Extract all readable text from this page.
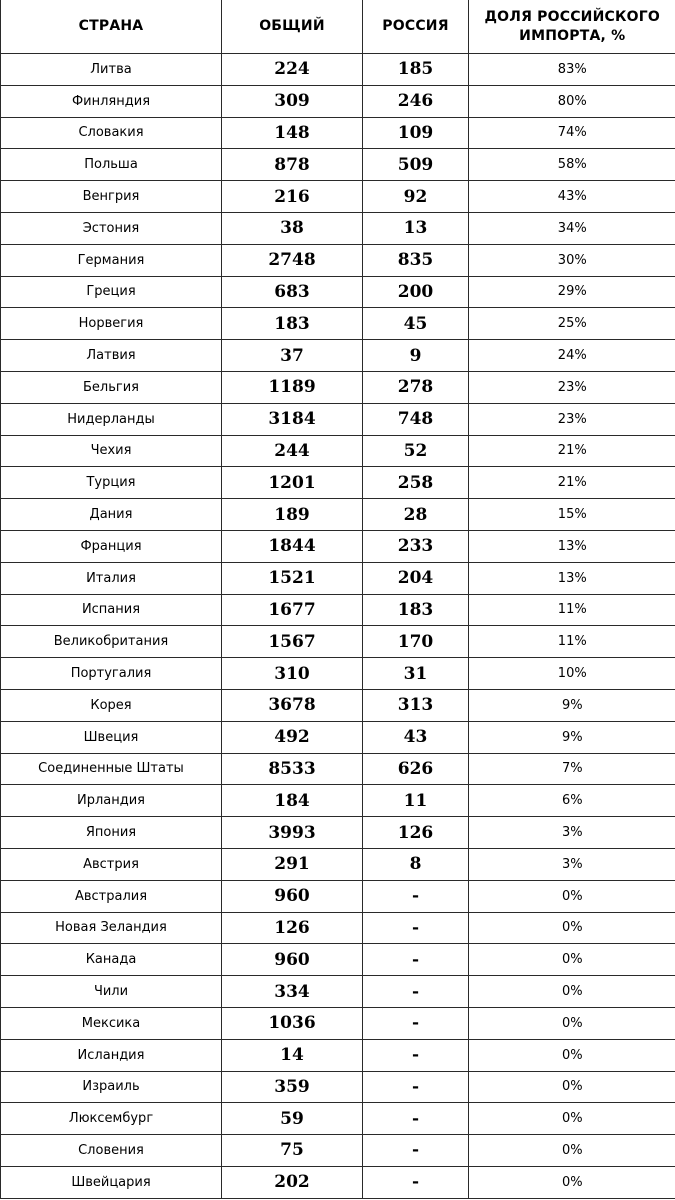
СТРАНА	ОБЩИЙ	РОССИЯ	ДОЛЯ РОССИЙСКОГО ИМПОРТА, %
Литва	224	185	83%
Финляндия	309	246	80%
Словакия	148	109	74%
Польша	878	509	58%
Венгрия	216	92	43%
Эстония	38	13	34%
Германия	2748	835	30%
Греция	683	200	29%
Норвегия	183	45	25%
Латвия	37	9	24%
Бельгия	1189	278	23%
Нидерланды	3184	748	23%
Чехия	244	52	21%
Турция	1201	258	21%
Дания	189	28	15%
Франция	1844	233	13%
Италия	1521	204	13%
Испания	1677	183	11%
Великобритания	1567	170	11%
Португалия	310	31	10%
Корея	3678	313	9%
Швеция	492	43	9%
Соединенные Штаты	8533	626	7%
Ирландия	184	11	6%
Япония	3993	126	3%
Австрия	291	8	3%
Австралия	960	-	0%
Новая Зеландия	126	-	0%
Канада	960	-	0%
Чили	334	-	0%
Мексика	1036	-	0%
Исландия	14	-	0%
Израиль	359	-	0%
Люксембург	59	-	0%
Словения	75	-	0%
Швейцария	202	-	0%
